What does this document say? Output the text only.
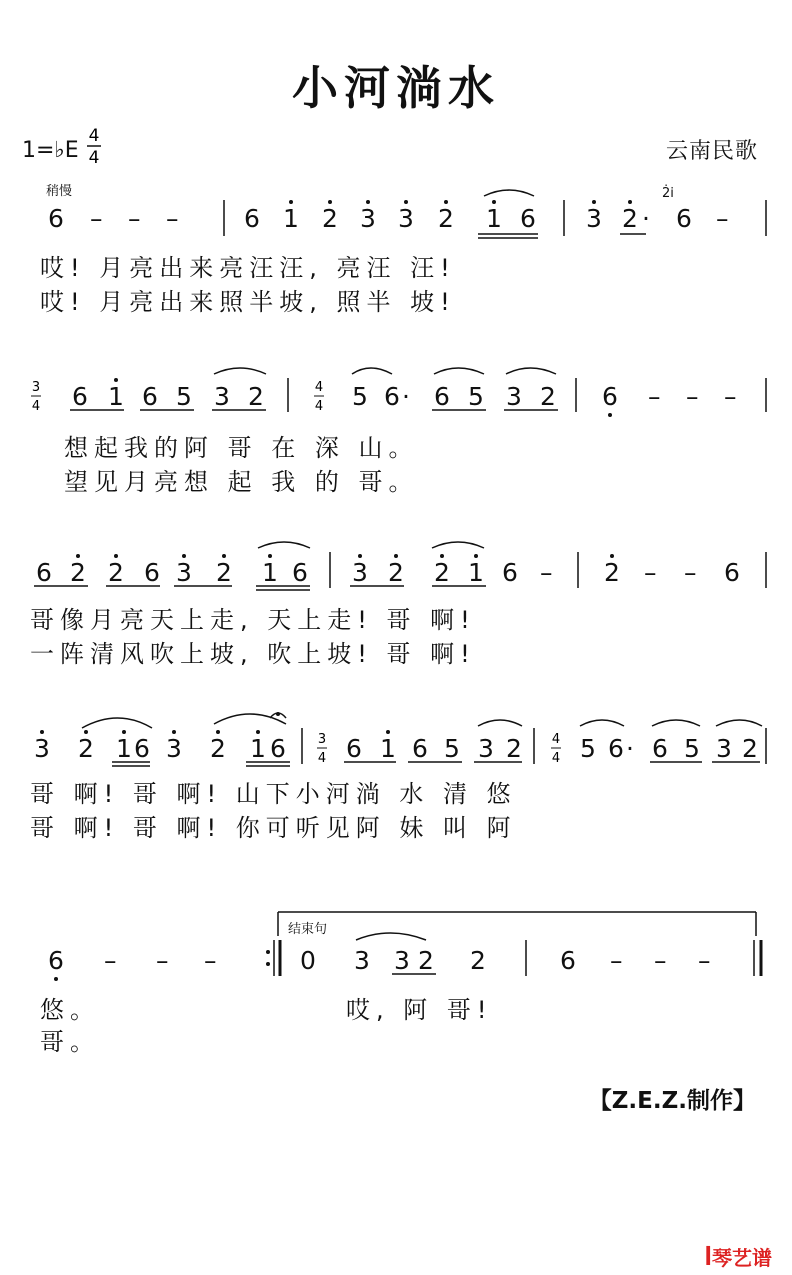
小河淌水
1=♭E
4
4	云南民歌
稍慢	2̇i̇
6 – – –	6 1 2 3 3 2 1 6 3 2 · 6 –
哎! 月亮出来亮汪汪, 亮汪 汪!
哎! 月亮出来照半坡, 照半 坡!
6 1 6 5 3 2	5 6 · 6 5 3 2 6 – – –
想起我的阿 哥 在 深 山。
望见月亮想 起 我 的 哥。
6 2 2 6 3 2 1 6 3 2 2 1 6 – 2 – – 6
哥像月亮天上走, 天上走! 哥 啊!
一阵清风吹上坡, 吹上坡! 哥 啊!
3 2 1 6 3 2 1 6 6 1 6 5 3 2 5 6 · 6 5 3 2
哥 啊! 哥 啊! 山下小河淌 水 清 悠
哥 啊! 哥 啊! 你可听见阿 妹 叫 阿
结束句
6 – – –	0 3 3 2 2	6 – – –
悠。
哥。
哎, 阿 哥!
3
4
4
4
3
4
4
4
【Z.E.Z.制作】
ꟾ琴艺谱
